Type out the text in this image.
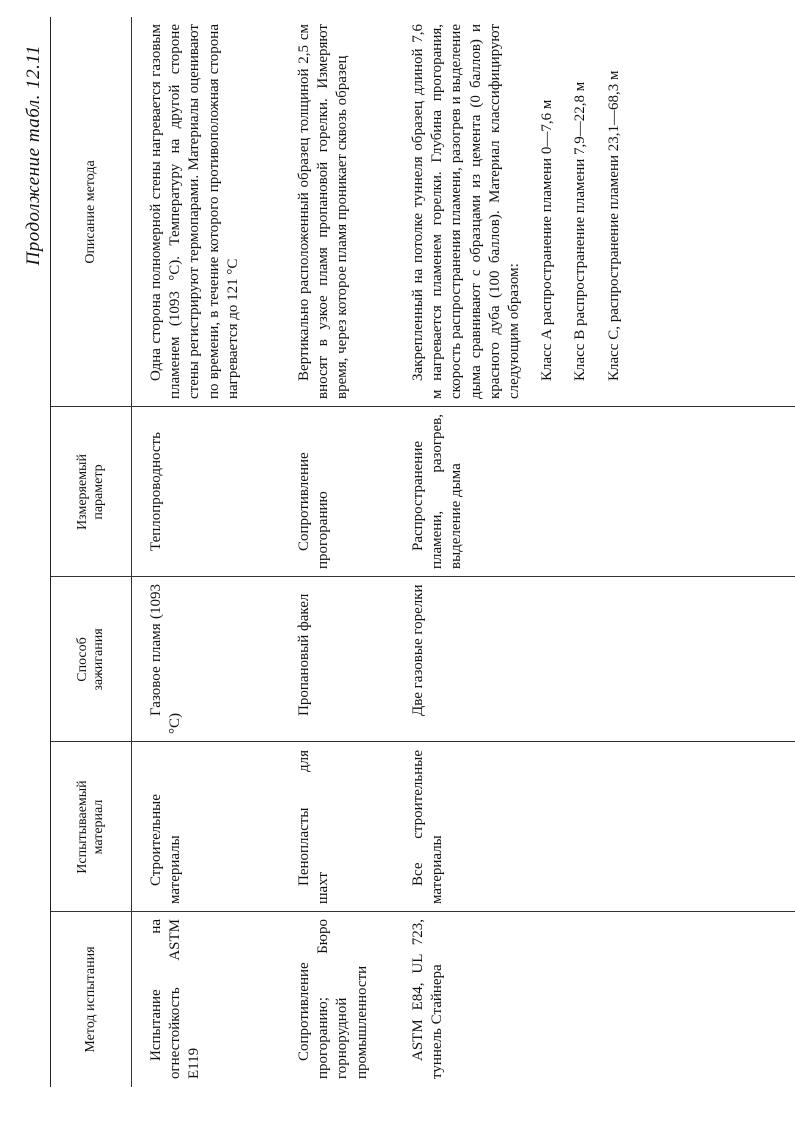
Продолжение табл. 12.11
Метод испытания
Испытываемый материал
Способ зажигания
Измеряемый параметр
Описание метода

Испытание на огнестойкость ASTM E119

Строительные материалы

Газовое пламя (1093 °С)

Теплопроводность

Одна сторона полномерной стены нагревается газовым пламенем (1093 °С). Температуру на другой стороне стены регистрируют термопарами. Материалы оценивают по времени, в течение которого противоположная сторона нагревается до 121 °С

Сопротивление прогоранию; Бюро горнорудной промышленности

Пенопласты для шахт

Пропановый факел

Сопротивление прогоранию

Вертикально расположенный образец толщиной 2,5 см вносят в узкое пламя пропановой горелки. Измеряют время, через которое пламя проникает сквозь образец

ASTM E84, UL 723, туннель Стайнера

Все строительные материалы

Две газовые горелки

Распространение пламени, разогрев, выделение дыма

Закрепленный на потолке туннеля образец длиной 7,6 м нагревается пламенем горелки. Глубина прогорания, скорость распространения пламени, разогрев и выделение дыма сравнивают с образцами из цемента (0 баллов) и красного дуба (100 баллов). Материал классифицируют следующим образом: Класс А распространение пламени 0—7,6 м Класс В распространение пламени 7,9—22,8 м Класс С, распространение пламени 23,1—68,3 м
